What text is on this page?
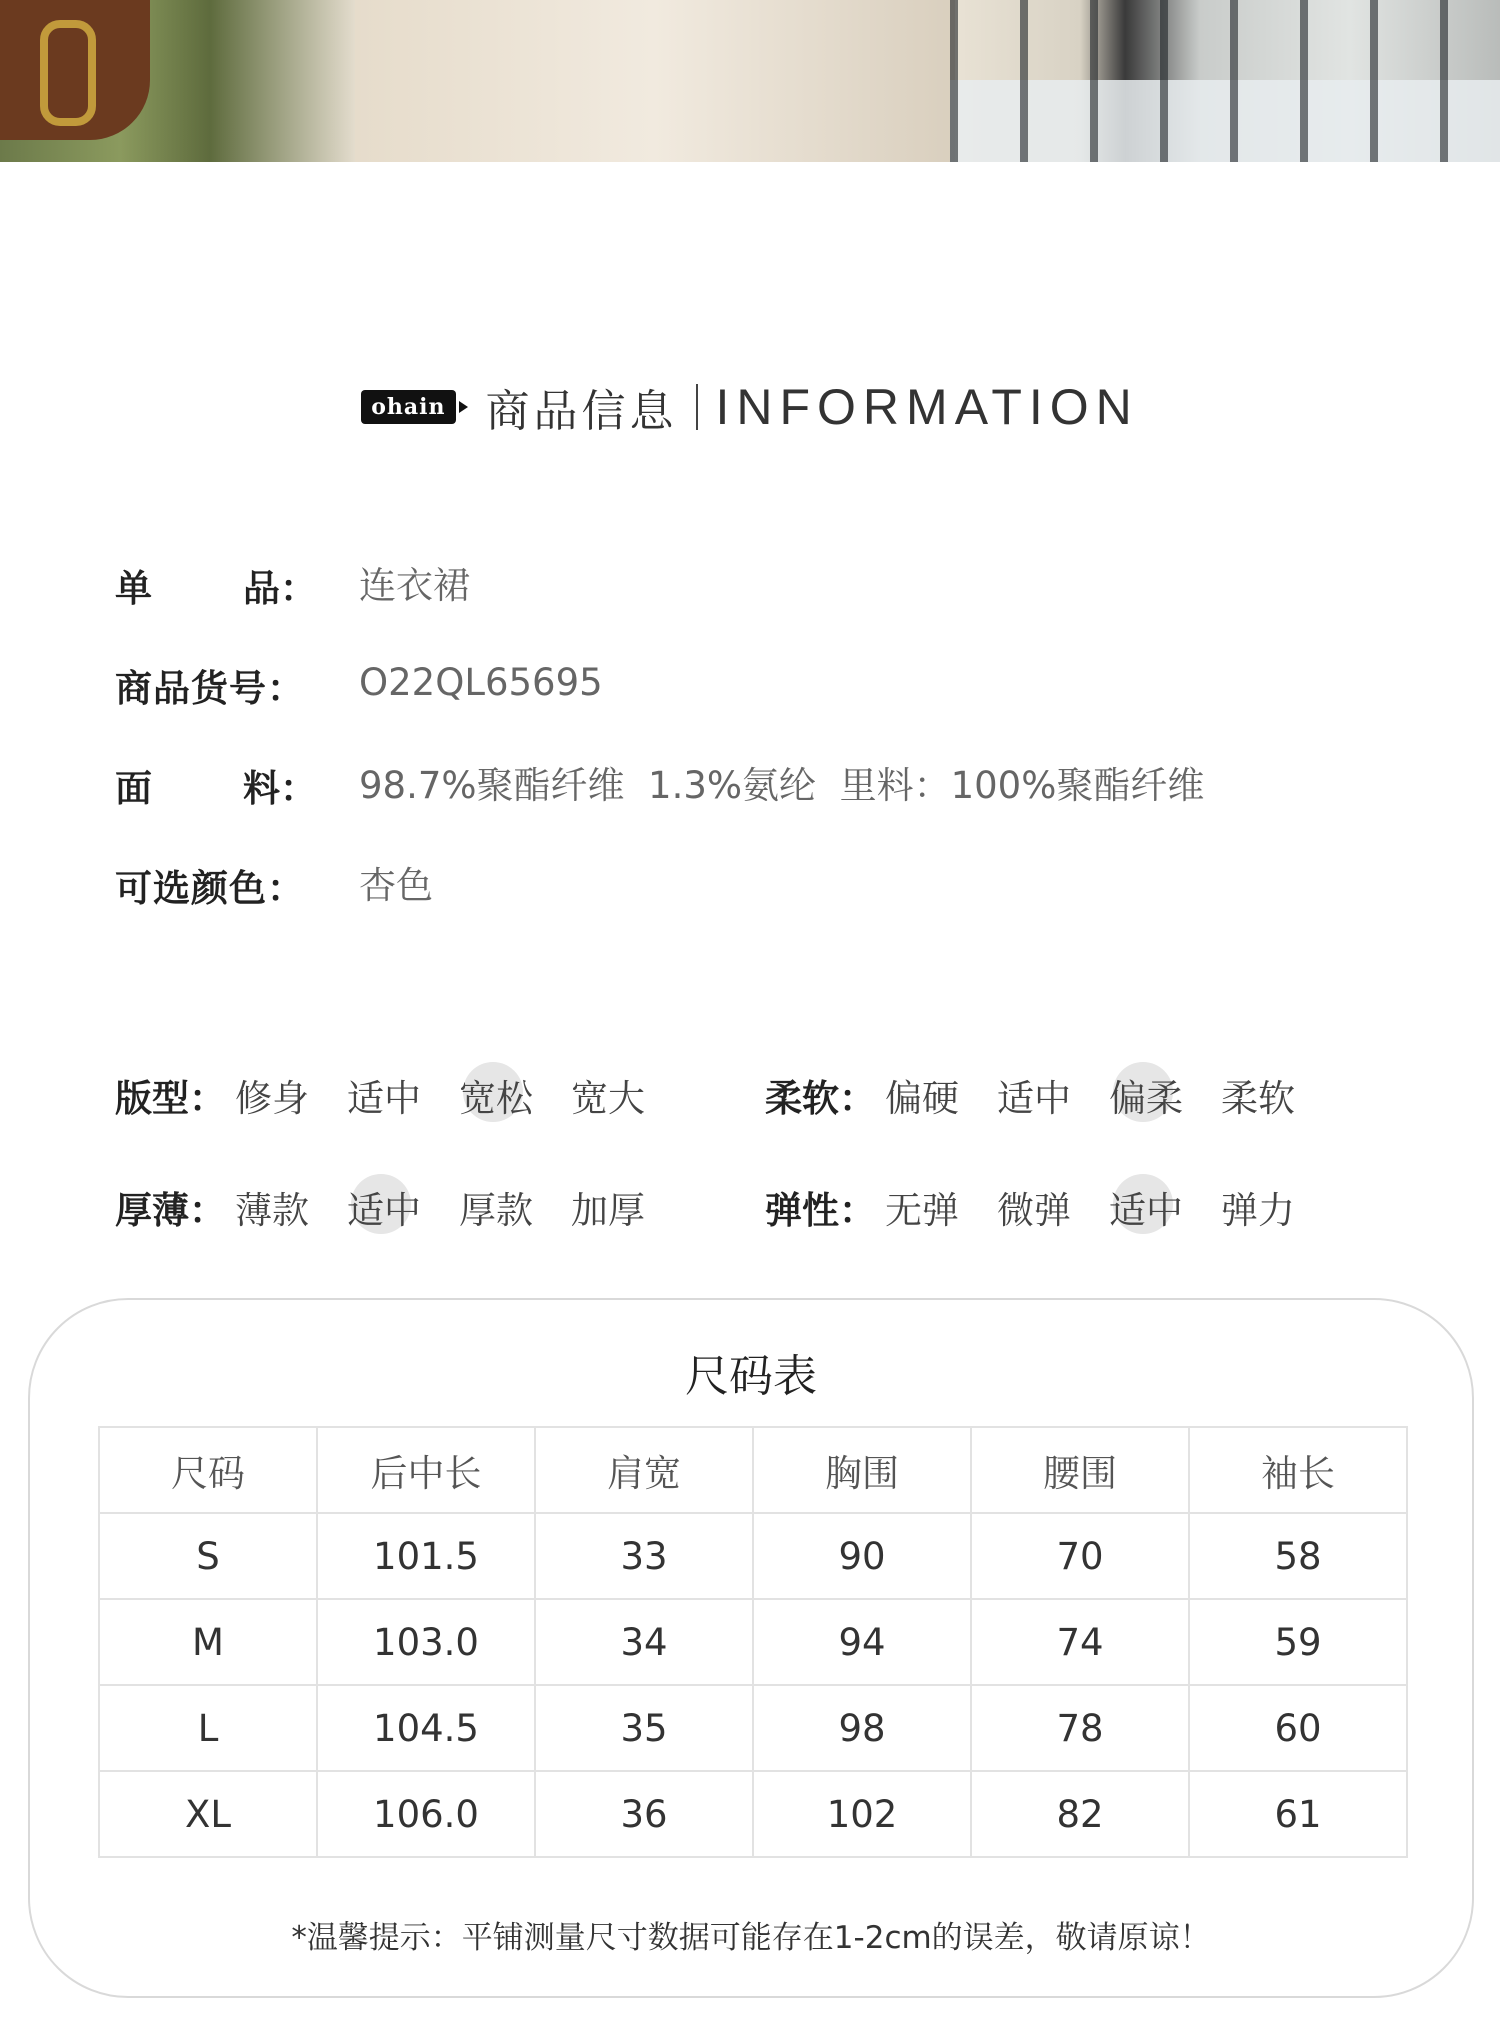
ohain 商品信息 INFORMATION
单 品： 连衣裙
商品货号： O22QL65695
面 料： 98.7%聚酯纤维  1.3%氨纶  里料：100%聚酯纤维
可选颜色： 杏色
版型： 修身	适中	宽松	宽大	柔软： 偏硬	适中	偏柔	柔软
厚薄： 薄款	适中	厚款	加厚	弹性： 无弹	微弹	适中	弹力
尺码表
尺码	后中长	肩宽	胸围	腰围	袖长
S	101.5	33	90	70	58
M	103.0	34	94	74	59
L	104.5	35	98	78	60
XL	106.0	36	102	82	61
*温馨提示：平铺测量尺寸数据可能存在1-2cm的误差，敬请原谅！
